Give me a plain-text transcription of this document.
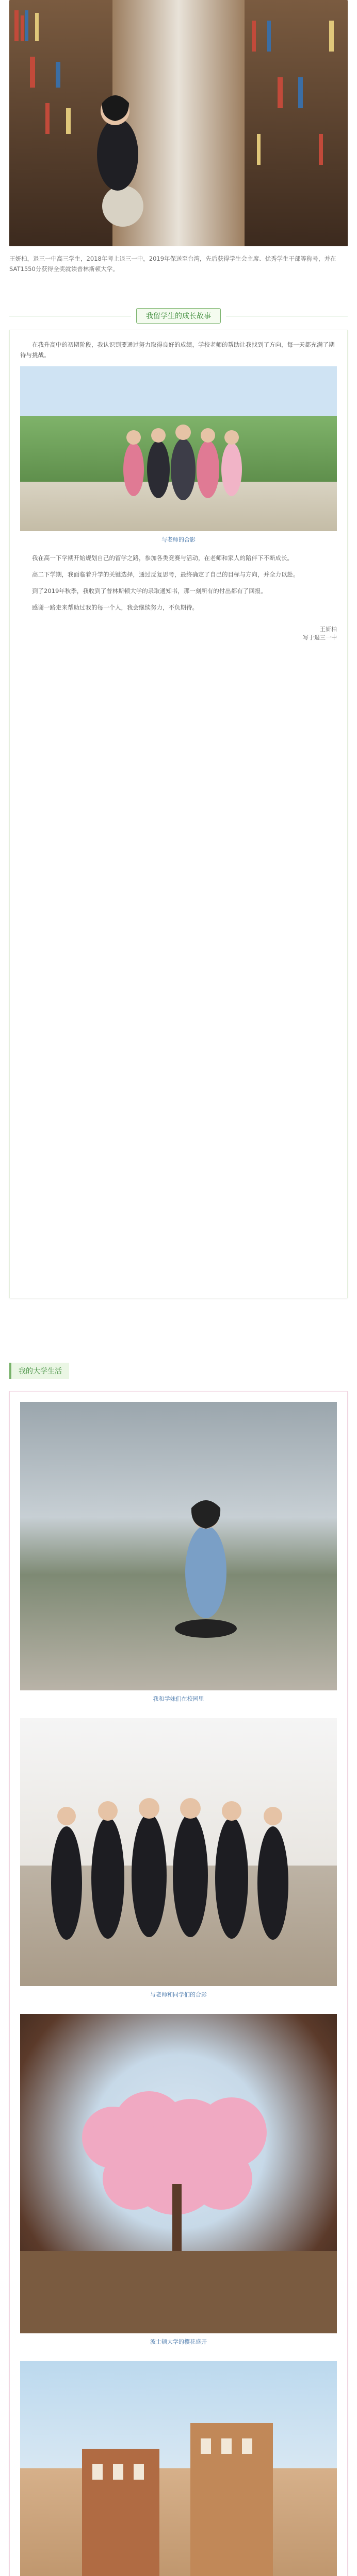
王妍柏，退三一中高三学生，2018年考上退三一中，2019年保送至台湾，先后获得学生会主席、优秀学生干部等称号，并在SAT1550分获得全奖就读普林斯顿大学。

我留学生的成长故事

在我升高中的初期阶段，我认识到要通过努力取得良好的成绩，学校老师的帮助让我找到了方向，每一天都充满了期待与挑战。

与老师的合影

我在高一下学期开始规划自己的留学之路，参加各类竞赛与活动，在老师和家人的陪伴下不断成长。

高二下学期，我面临着升学的关键选择，通过反复思考，最终确定了自己的目标与方向，并全力以赴。

到了2019年秋季，我收到了普林斯顿大学的录取通知书，那一刻所有的付出都有了回报。

感谢一路走来帮助过我的每一个人，我会继续努力，不负期待。

王妍柏
写于退三一中
我的大学生活
我和学妹们在校园里
与老师和同学们的合影
波士顿大学的樱花盛开
